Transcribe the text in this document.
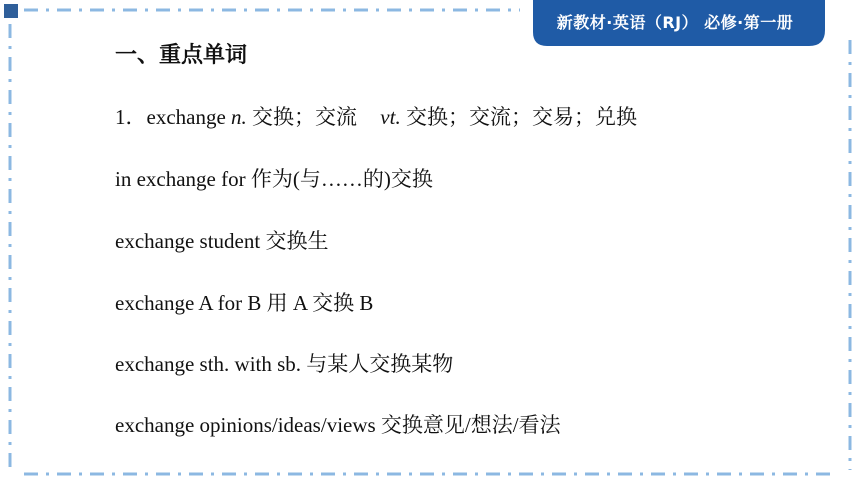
新教材·英语（RJ） 必修·第一册
一、重点单词
1．exchange n. 交换；交流 vt. 交换；交流；交易；兑换
in exchange for 作为(与……的)交换
exchange student 交换生
exchange A for B 用 A 交换 B
exchange sth. with sb. 与某人交换某物
exchange opinions/ideas/views 交换意见/想法/看法
